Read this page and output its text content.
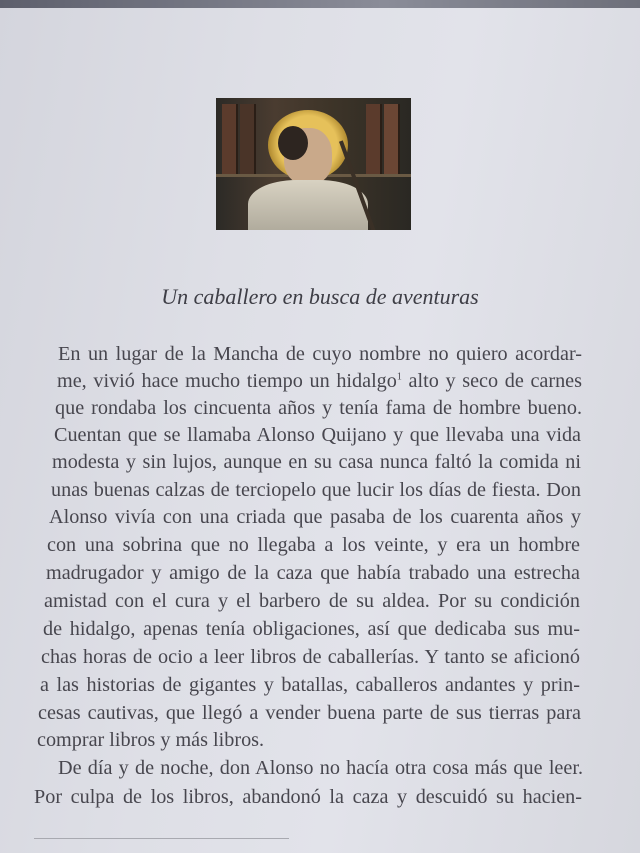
Un caballero en busca de aventuras
En un lugar de la Mancha de cuyo nombre no quiero acordar-
me, vivió hace mucho tiempo un hidalgo$^1$ alto y seco de carnes
que rondaba los cincuenta años y tenía fama de hombre bueno.
Cuentan que se llamaba Alonso Quijano y que llevaba una vida
modesta y sin lujos, aunque en su casa nunca faltó la comida ni
unas buenas calzas de terciopelo que lucir los días de fiesta. Don
Alonso vivía con una criada que pasaba de los cuarenta años y
con una sobrina que no llegaba a los veinte, y era un hombre
madrugador y amigo de la caza que había trabado una estrecha
amistad con el cura y el barbero de su aldea. Por su condición
de hidalgo, apenas tenía obligaciones, así que dedicaba sus mu-
chas horas de ocio a leer libros de caballerías. Y tanto se aficionó
a las historias de gigantes y batallas, caballeros andantes y prin-
cesas cautivas, que llegó a vender buena parte de sus tierras para
comprar libros y más libros.
De día y de noche, don Alonso no hacía otra cosa más que leer.
Por culpa de los libros, abandonó la caza y descuidó su hacien-
